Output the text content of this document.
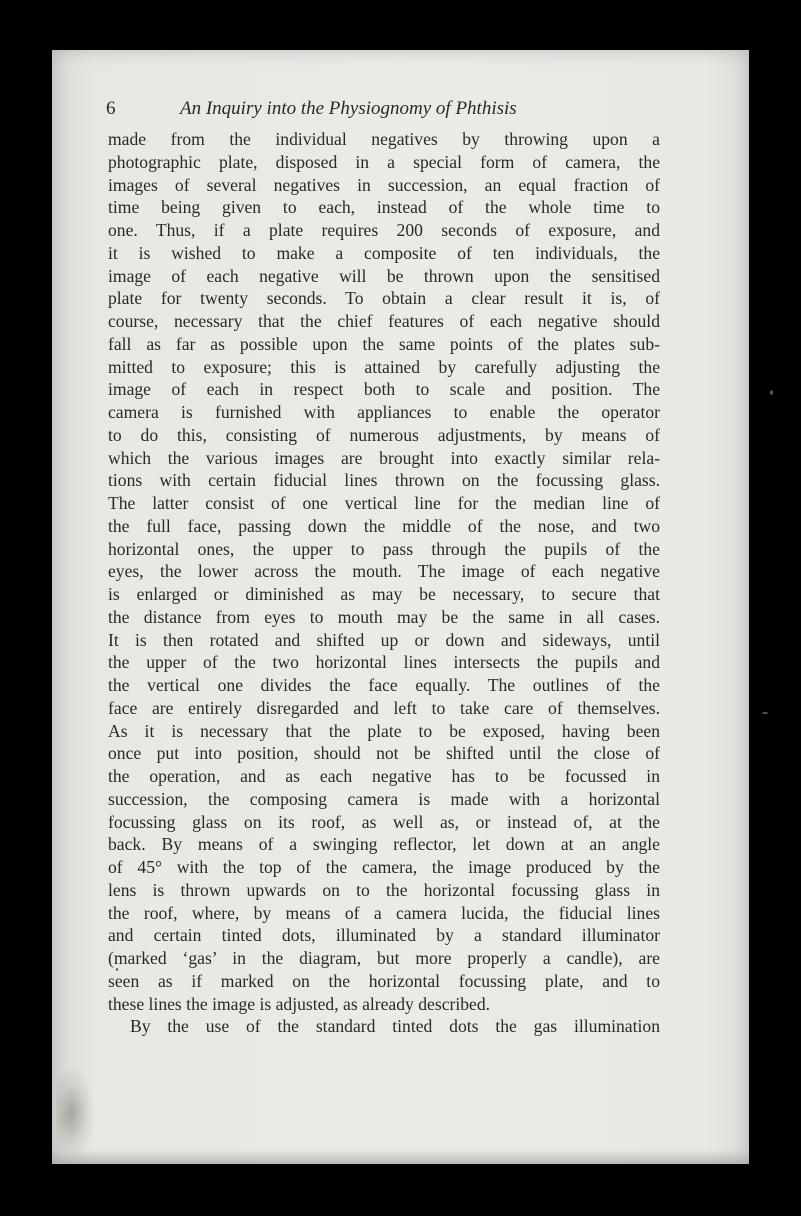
6	An Inquiry into the Physiognomy of Phthisis
made from the individual negatives by throwing upon a
photographic plate, disposed in a special form of camera, the
images of several negatives in succession, an equal fraction of
time being given to each, instead of the whole time to
one. Thus, if a plate requires 200 seconds of exposure, and
it is wished to make a composite of ten individuals, the
image of each negative will be thrown upon the sensitised
plate for twenty seconds. To obtain a clear result it is, of
course, necessary that the chief features of each negative should
fall as far as possible upon the same points of the plates sub-
mitted to exposure; this is attained by carefully adjusting the
image of each in respect both to scale and position. The
camera is furnished with appliances to enable the operator
to do this, consisting of numerous adjustments, by means of
which the various images are brought into exactly similar rela-
tions with certain fiducial lines thrown on the focussing glass.
The latter consist of one vertical line for the median line of
the full face, passing down the middle of the nose, and two
horizontal ones, the upper to pass through the pupils of the
eyes, the lower across the mouth. The image of each negative
is enlarged or diminished as may be necessary, to secure that
the distance from eyes to mouth may be the same in all cases.
It is then rotated and shifted up or down and sideways, until
the upper of the two horizontal lines intersects the pupils and
the vertical one divides the face equally. The outlines of the
face are entirely disregarded and left to take care of themselves.
As it is necessary that the plate to be exposed, having been
once put into position, should not be shifted until the close of
the operation, and as each negative has to be focussed in
succession, the composing camera is made with a horizontal
focussing glass on its roof, as well as, or instead of, at the
back. By means of a swinging reflector, let down at an angle
of 45° with the top of the camera, the image produced by the
lens is thrown upwards on to the horizontal focussing glass in
the roof, where, by means of a camera lucida, the fiducial lines
and certain tinted dots, illuminated by a standard illuminator
(marked ‘gas’ in the diagram, but more properly a candle), are
seen as if marked on the horizontal focussing plate, and to
these lines the image is adjusted, as already described.
By the use of the standard tinted dots the gas illumination
